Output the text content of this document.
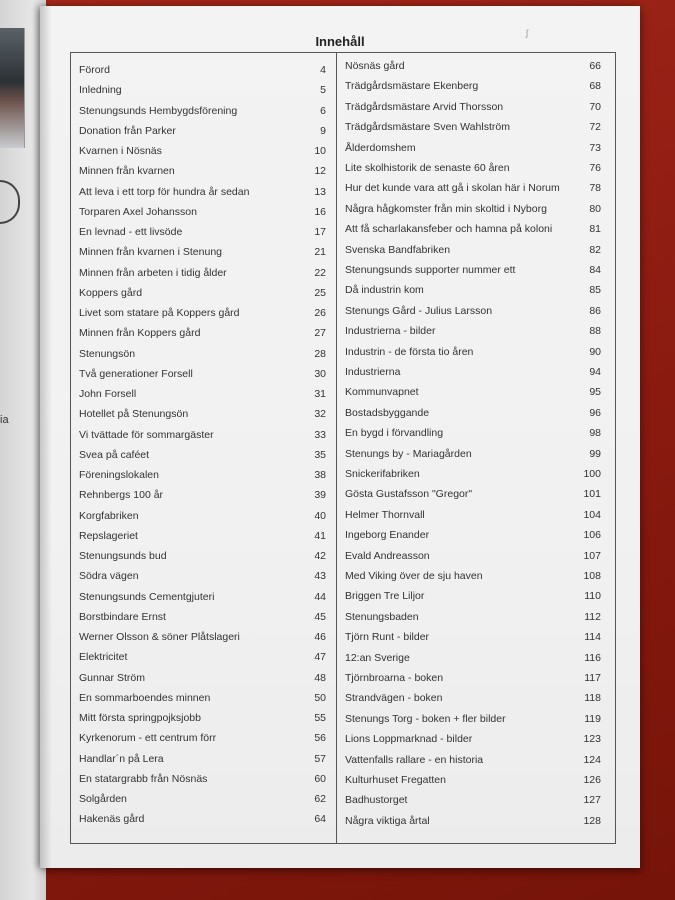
ia
ʃ
Innehåll
Förord	4
Inledning	5
Stenungsunds Hembygdsförening	6
Donation från Parker	9
Kvarnen i Nösnäs	10
Minnen från kvarnen	12
Att leva i ett torp för hundra år sedan	13
Torparen Axel Johansson	16
En levnad - ett livsöde	17
Minnen från kvarnen i Stenung	21
Minnen från arbeten i tidig ålder	22
Koppers gård	25
Livet som statare på Koppers gård	26
Minnen från Koppers gård	27
Stenungsön	28
Två generationer Forsell	30
John Forsell	31
Hotellet på Stenungsön	32
Vi tvättade för sommargäster	33
Svea på caféet	35
Föreningslokalen	38
Rehnbergs 100 år	39
Korgfabriken	40
Repslageriet	41
Stenungsunds bud	42
Södra vägen	43
Stenungsunds Cementgjuteri	44
Borstbindare Ernst	45
Werner Olsson & söner Plåtslageri	46
Elektricitet	47
Gunnar Ström	48
En sommarboendes minnen	50
Mitt första springpojksjobb	55
Kyrkenorum - ett centrum förr	56
Handlar´n på Lera	57
En statargrabb från Nösnäs	60
Solgården	62
Hakenäs gård	64
Nösnäs gård	66
Trädgårdsmästare Ekenberg	68
Trädgårdsmästare Arvid Thorsson	70
Trädgårdsmästare Sven Wahlström	72
Ålderdomshem	73
Lite skolhistorik de senaste 60 åren	76
Hur det kunde vara att gå i skolan här i Norum	78
Några hågkomster från min skoltid i Nyborg	80
Att få scharlakansfeber och hamna på koloni	81
Svenska Bandfabriken	82
Stenungsunds supporter nummer ett	84
Då industrin kom	85
Stenungs Gård - Julius Larsson	86
Industrierna - bilder	88
Industrin - de första tio åren	90
Industrierna	94
Kommunvapnet	95
Bostadsbyggande	96
En bygd i förvandling	98
Stenungs by - Mariagården	99
Snickerifabriken	100
Gösta Gustafsson "Gregor"	101
Helmer Thornvall	104
Ingeborg Enander	106
Evald Andreasson	107
Med Viking över de sju haven	108
Briggen Tre Liljor	110
Stenungsbaden	112
Tjörn Runt - bilder	114
12:an Sverige	116
Tjörnbroarna - boken	117
Strandvägen - boken	118
Stenungs Torg - boken + fler bilder	119
Lions Loppmarknad - bilder	123
Vattenfalls rallare - en historia	124
Kulturhuset Fregatten	126
Badhustorget	127
Några viktiga årtal	128
